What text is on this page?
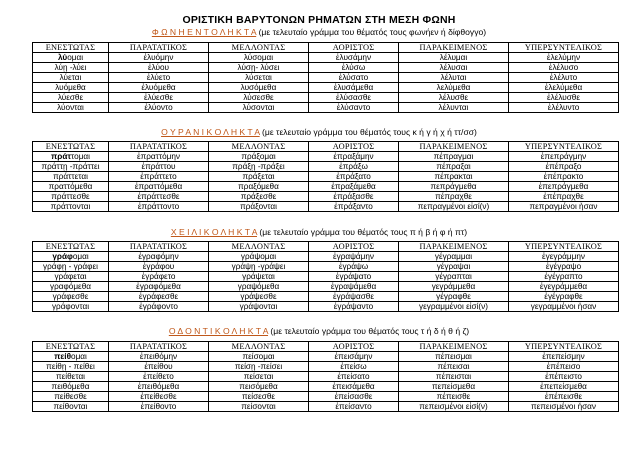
ΟΡΙΣΤΙΚΗ ΒΑΡΥΤΟΝΩΝ ΡΗΜΑΤΩΝ ΣΤΗ ΜΕΣΗ ΦΩΝΗ
Φ Ω Ν Η Ε Ν Τ Ο Λ Η Κ Τ Α (με τελευταίο γράμμα του θέματός τους φωνήεν ή δίφθογγο)
ΕΝΕΣΤΩΤΑΣ	ΠΑΡΑΤΑΤΙΚΟΣ	ΜΕΛΛΟΝΤΑΣ	ΑΟΡΙΣΤΟΣ	ΠΑΡΑΚΕΙΜΕΝΟΣ	ΥΠΕΡΣΥΝΤΕΛΙΚΟΣ
λύομαι	ἐλυόμην	λύσομαι	ἐλυσάμην	λέλυμαι	ἐλελύμην
λύῃ -λύει	ἐλύου	λύσῃ- λύσει	ἐλύσω	λέλυσαι	ἐλέλυσο
λύεται	ἐλύετο	λύσεται	ἐλύσατο	λέλυται	ἐλέλυτο
λυόμεθα	ἐλυόμεθα	λυσόμεθα	ἐλυσάμεθα	λελύμεθα	ἐλελύμεθα
λύεσθε	ἐλύεσθε	λύσεσθε	ἐλύσασθε	λέλυσθε	ἐλέλυσθε
λύονται	ἐλύοντο	λύσονται	ἐλύσαντο	λέλυνται	ἐλέλυντο
Ο Υ Ρ Α Ν Ι Κ Ο Λ Η Κ Τ Α (με τελευταίο γράμμα του θέματός τους κ ή γ ή χ ή ττ/σσ)
ΕΝΕΣΤΩΤΑΣ	ΠΑΡΑΤΑΤΙΚΟΣ	ΜΕΛΛΟΝΤΑΣ	ΑΟΡΙΣΤΟΣ	ΠΑΡΑΚΕΙΜΕΝΟΣ	ΥΠΕΡΣΥΝΤΕΛΙΚΟΣ
πράττομαι	ἐπραττόμην	πράξομαι	ἐπραξάμην	πέπραγμαι	ἐπεπράγμην
πράττῃ -πράττει	ἐπράττου	πράξῃ -πράξει	ἐπράξω	πέπραξαι	ἐπέπραξο
πράττεται	ἐπράττετο	πράξεται	ἐπράξατο	πέπρακται	ἐπέπρακτο
πραττόμεθα	ἐπραττόμεθα	πραξόμεθα	ἐπραξάμεθα	πεπράγμεθα	ἐπεπράγμεθα
πράττεσθε	ἐπράττεσθε	πράξεσθε	ἐπράξασθε	πέπραχθε	ἐπέπραχθε
πράττονται	ἐπράττοντο	πράξονται	ἐπράξαντο	πεπραγμένοι εἰσί(ν)	πεπραγμένοι ἦσαν
Χ Ε Ι Λ Ι Κ Ο Λ Η Κ Τ Α (με τελευταίο γράμμα του θέματός τους π ή β ή φ ή πτ)
ΕΝΕΣΤΩΤΑΣ	ΠΑΡΑΤΑΤΙΚΟΣ	ΜΕΛΛΟΝΤΑΣ	ΑΟΡΙΣΤΟΣ	ΠΑΡΑΚΕΙΜΕΝΟΣ	ΥΠΕΡΣΥΝΤΕΛΙΚΟΣ
γράφομαι	ἐγραφόμην	γράψομαι	ἐγραψάμην	γέγραμμαι	ἐγεγράμμην
γράφῃ - γράφει	ἐγράφου	γράψῃ -γράψει	ἐγράψω	γέγραψαι	ἐγέγραψο
γράφεται	ἐγράφετο	γράψεται	ἐγράψατο	γέγραπται	ἐγέγραπτο
γραφόμεθα	ἐγραφόμεθα	γραψόμεθα	ἐγραψάμεθα	γεγράμμεθα	ἐγεγράμμεθα
γράφεσθε	ἐγράφεσθε	γράψεσθε	ἐγράψασθε	γέγραφθε	ἐγέγραφθε
γράφονται	ἐγράφοντο	γράψονται	ἐγράψαντο	γεγραμμένοι εἰσί(ν)	γεγραμμένοι ἦσαν
Ο Δ Ο Ν Τ Ι Κ Ο Λ Η Κ Τ Α (με τελευταίο γράμμα του θέματός τους τ ή δ ή θ ή ζ)
ΕΝΕΣΤΩΤΑΣ	ΠΑΡΑΤΑΤΙΚΟΣ	ΜΕΛΛΟΝΤΑΣ	ΑΟΡΙΣΤΟΣ	ΠΑΡΑΚΕΙΜΕΝΟΣ	ΥΠΕΡΣΥΝΤΕΛΙΚΟΣ
πείθομαι	ἐπειθόμην	πείσομαι	ἐπεισάμην	πέπεισμαι	ἐπεπείσμην
πείθῃ - πείθει	ἐπείθου	πείσῃ -πείσει	ἐπείσω	πέπεισαι	ἐπέπεισο
πείθεται	ἐπείθετο	πείσεται	ἐπείσατο	πέπεισται	ἐπέπειστο
πειθόμεθα	ἐπειθόμεθα	πεισόμεθα	ἐπεισάμεθα	πεπείσμεθα	ἐπεπείσμεθα
πείθεσθε	ἐπείθεσθε	πείσεσθε	ἐπείσασθε	πέπεισθε	ἐπέπεισθε
πείθονται	ἐπείθοντο	πείσονται	ἐπείσαντο	πεπεισμένοι εἰσί(ν)	πεπεισμένοι ἦσαν
